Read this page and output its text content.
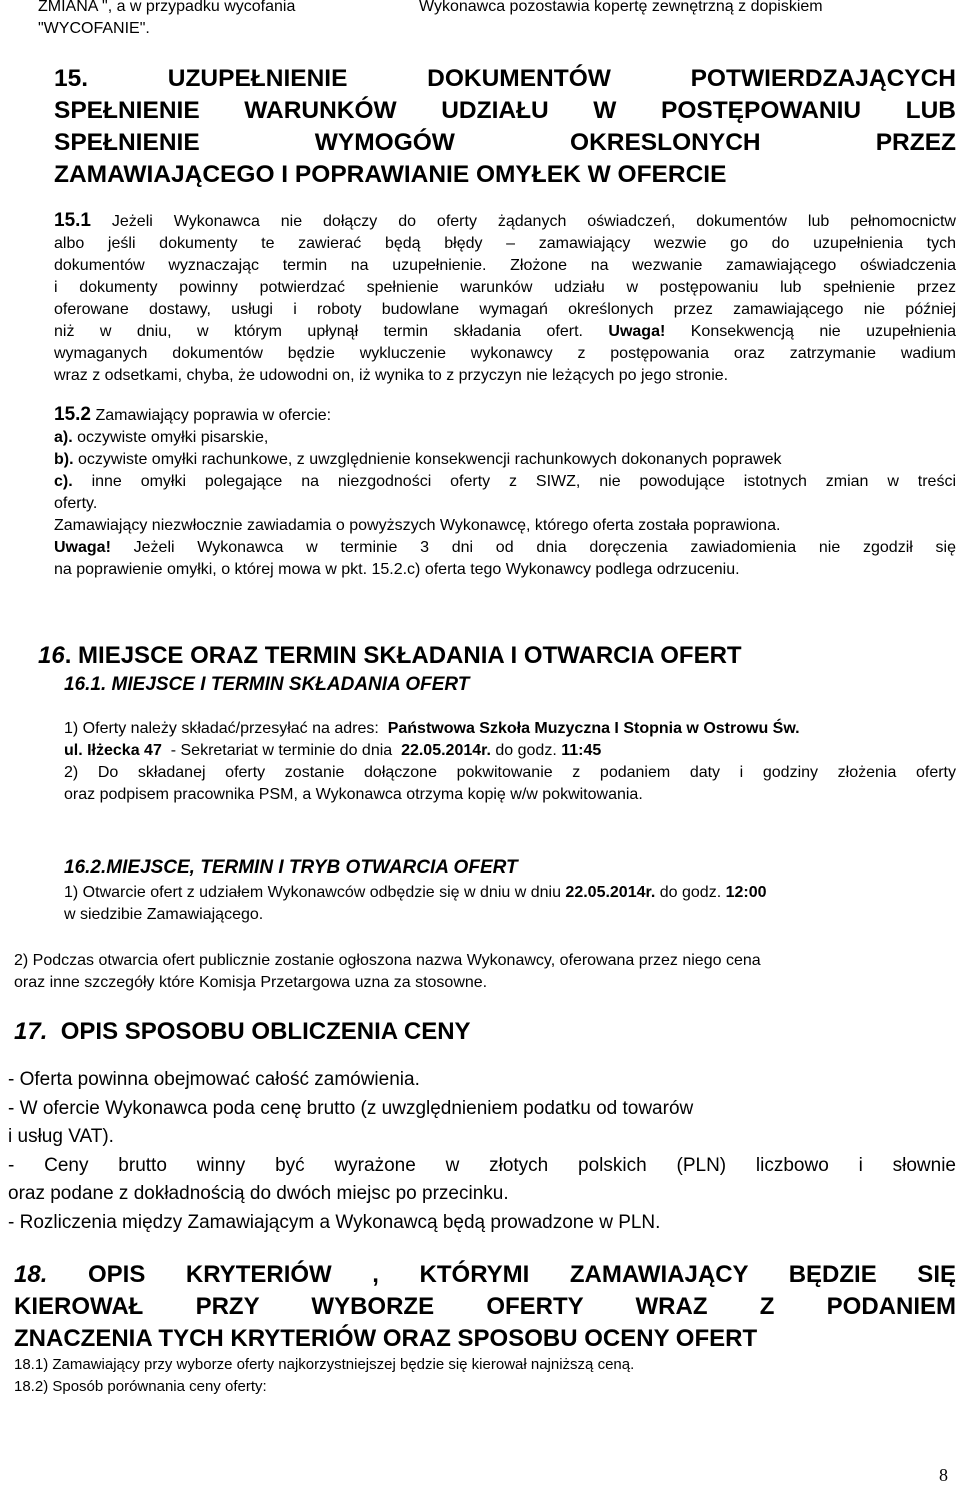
ZMIANA ", a w przypadku wycofania
"WYCOFANIE".
Wykonawca pozostawia kopertę zewnętrzną z dopiskiem
15. UZUPEŁNIENIE DOKUMENTÓW POTWIERDZAJĄCYCH
SPEŁNIENIE WARUNKÓW UDZIAŁU W POSTĘPOWANIU LUB
SPEŁNIENIE WYMOGÓW OKRESLONYCH PRZEZ
ZAMAWIAJĄCEGO I POPRAWIANIE OMYŁEK W OFERCIE
15.1 Jeżeli Wykonawca nie dołączy do oferty żądanych oświadczeń, dokumentów lub pełnomocnictw
albo jeśli dokumenty te zawierać będą błędy – zamawiający wezwie go do uzupełnienia tych
dokumentów wyznaczając termin na uzupełnienie. Złożone na wezwanie zamawiającego oświadczenia
i dokumenty powinny potwierdzać spełnienie warunków udziału w postępowaniu lub spełnienie przez
oferowane dostawy, usługi i roboty budowlane wymagań określonych przez zamawiającego nie później
niż w dniu, w którym upłynął termin składania ofert. Uwaga! Konsekwencją nie uzupełnienia
wymaganych dokumentów będzie wykluczenie wykonawcy z postępowania oraz zatrzymanie wadium
wraz z odsetkami, chyba, że udowodni on, iż wynika to z przyczyn nie leżących po jego stronie.
15.2 Zamawiający poprawia w ofercie:
a). oczywiste omyłki pisarskie,
b). oczywiste omyłki rachunkowe, z uwzględnienie konsekwencji rachunkowych dokonanych poprawek
c). inne omyłki polegające na niezgodności oferty z SIWZ, nie powodujące istotnych zmian w treści
oferty.
Zamawiający niezwłocznie zawiadamia o powyższych Wykonawcę, którego oferta została poprawiona.
Uwaga! Jeżeli Wykonawca w terminie 3 dni od dnia doręczenia zawiadomienia nie zgodził się
na poprawienie omyłki, o której mowa w pkt. 15.2.c) oferta tego Wykonawcy podlega odrzuceniu.
16. MIEJSCE ORAZ TERMIN SKŁADANIA I OTWARCIA OFERT
16.1. MIEJSCE I TERMIN SKŁADANIA OFERT
1) Oferty należy składać/przesyłać na adres: Państwowa Szkoła Muzyczna I Stopnia w Ostrowu Św.
ul. Iłżecka 47 - Sekretariat w terminie do dnia 22.05.2014r. do godz. 11:45
2) Do składanej oferty zostanie dołączone pokwitowanie z podaniem daty i godziny złożenia oferty
oraz podpisem pracownika PSM, a Wykonawca otrzyma kopię w/w pokwitowania.
16.2.MIEJSCE, TERMIN I TRYB OTWARCIA OFERT
1) Otwarcie ofert z udziałem Wykonawców odbędzie się w dniu w dniu 22.05.2014r. do godz. 12:00
w siedzibie Zamawiającego.
2) Podczas otwarcia ofert publicznie zostanie ogłoszona nazwa Wykonawcy, oferowana przez niego cena
oraz inne szczegóły które Komisja Przetargowa uzna za stosowne.
17. OPIS SPOSOBU OBLICZENIA CENY
- Oferta powinna obejmować całość zamówienia.
- W ofercie Wykonawca poda cenę brutto (z uwzględnieniem podatku od towarów
i usług VAT).
- Ceny brutto winny być wyrażone w złotych polskich (PLN) liczbowo i słownie
oraz podane z dokładnością do dwóch miejsc po przecinku.
- Rozliczenia między Zamawiającym a Wykonawcą będą prowadzone w PLN.
18. OPIS KRYTERIÓW , KTÓRYMI ZAMAWIAJĄCY BĘDZIE SIĘ
KIEROWAŁ PRZY WYBORZE OFERTY WRAZ Z PODANIEM
ZNACZENIA TYCH KRYTERIÓW ORAZ SPOSOBU OCENY OFERT
18.1) Zamawiający przy wyborze oferty najkorzystniejszej będzie się kierował najniższą ceną.
18.2) Sposób porównania ceny oferty:
8
